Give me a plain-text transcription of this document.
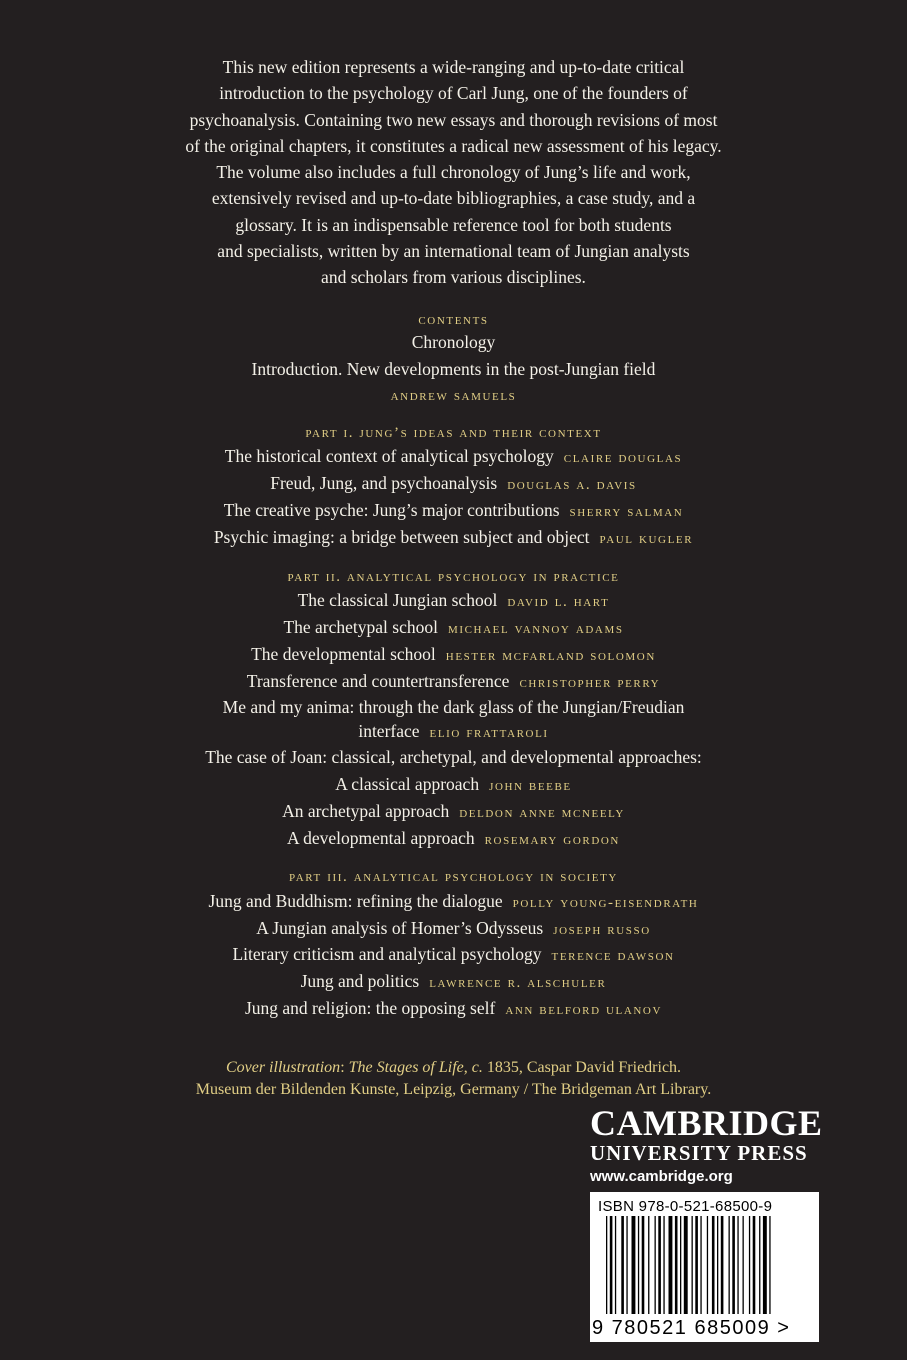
This new edition represents a wide-ranging and up-to-date critical
introduction to the psychology of Carl Jung, one of the founders of
psychoanalysis. Containing two new essays and thorough revisions of most
of the original chapters, it constitutes a radical new assessment of his legacy.
The volume also includes a full chronology of Jung’s life and work,
extensively revised and up-to-date bibliographies, a case study, and a
glossary. It is an indispensable reference tool for both students
and specialists, written by an international team of Jungian analysts
and scholars from various disciplines.
contents
Chronology
Introduction. New developments in the post-Jungian field
andrew samuels
part i. jung’s ideas and their context
The historical context of analytical psychology claire douglas
Freud, Jung, and psychoanalysis douglas a. davis
The creative psyche: Jung’s major contributions sherry salman
Psychic imaging: a bridge between subject and object paul kugler
part ii. analytical psychology in practice
The classical Jungian school david l. hart
The archetypal school michael vannoy adams
The developmental school hester mcfarland solomon
Transference and countertransference christopher perry
Me and my anima: through the dark glass of the Jungian/Freudian
interface elio frattaroli
The case of Joan: classical, archetypal, and developmental approaches:
A classical approach john beebe
An archetypal approach deldon anne mcneely
A developmental approach rosemary gordon
part iii. analytical psychology in society
Jung and Buddhism: refining the dialogue polly young-eisendrath
A Jungian analysis of Homer’s Odysseus joseph russo
Literary criticism and analytical psychology terence dawson
Jung and politics lawrence r. alschuler
Jung and religion: the opposing self ann belford ulanov
Cover illustration: The Stages of Life, c. 1835, Caspar David Friedrich.
Museum der Bildenden Kunste, Leipzig, Germany / The Bridgeman Art Library.
CAMBRIDGE
UNIVERSITY PRESS
www.cambridge.org
ISBN 978-0-521-68500-9
9 780521 685009 >
